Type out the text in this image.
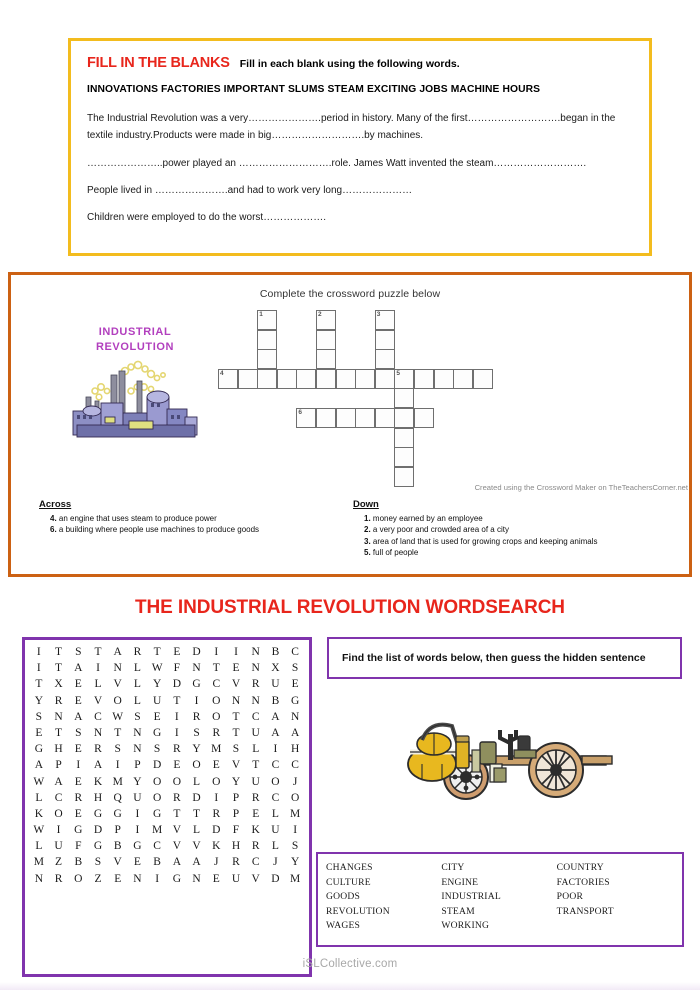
FILL IN THE BLANKS Fill in each blank using the following words.
INNOVATIONS FACTORIES IMPORTANT SLUMS STEAM EXCITING JOBS MACHINE HOURS
The Industrial Revolution was a very………………….period in history. Many of the first……………………….began in the textile industry.Products were made in big……………………….by machines.
…………………..power played an ……………………….role. James Watt invented the steam……………………….
People lived in ………………….and had to work very long…………………
Children were employed to do the worst……………….
Complete the crossword puzzle below
INDUSTRIAL
REVOLUTION
1	2	3
4	5
6
Created using the Crossword Maker on TheTeachersCorner.net
Across
4. an engine that uses steam to produce power
6. a building where people use machines to produce goods
Down
1. money earned by an employee
2. a very poor and crowded area of a city
3. area of land that is used for growing crops and keeping animals
5. full of people
THE INDUSTRIAL REVOLUTION WORDSEARCH
I	T	S	T	A	R	T	E	D	I	I	N	B	C
I	T	A	I	N	L W F	N	T	E	N X	S
T	X	E	L	V	L	Y D G	C	V	R	U	E
Y	R	E	V O	L	U	T	I	O N N	B	G
S	N A	C W S	E	I	R	O	T	C	A N
E	T	S	N	T	N G	I	S	R	T	U A A
G H	E	R	S	N	S	R	Y M S	L	I	H
A	P	I	A	I	P	D	E	O	E	V	T	C	C
W A	E	K M Y O O	L	O Y U O	J
L	C	R	H Q U O	R	D	I	P	R	C	O
K O	E	G G	I	G	T	T	R	P	E	L M
W	I	G D	P	I	M V	L	D	F	K U	I
L	U	F	G	B	G	C	V V K H	R	L	S
M Z	B	S	V	E	B	A A	J	R	C	J	Y
N	R	O	Z	E	N	I	G N	E	U V D M
Find the list of words below, then guess the hidden sentence
CHANGES
CULTURE
GOODS
REVOLUTION
WAGES
CITY
ENGINE
INDUSTRIAL
STEAM
WORKING
COUNTRY
FACTORIES
POOR
TRANSPORT
iSLCollective.com
